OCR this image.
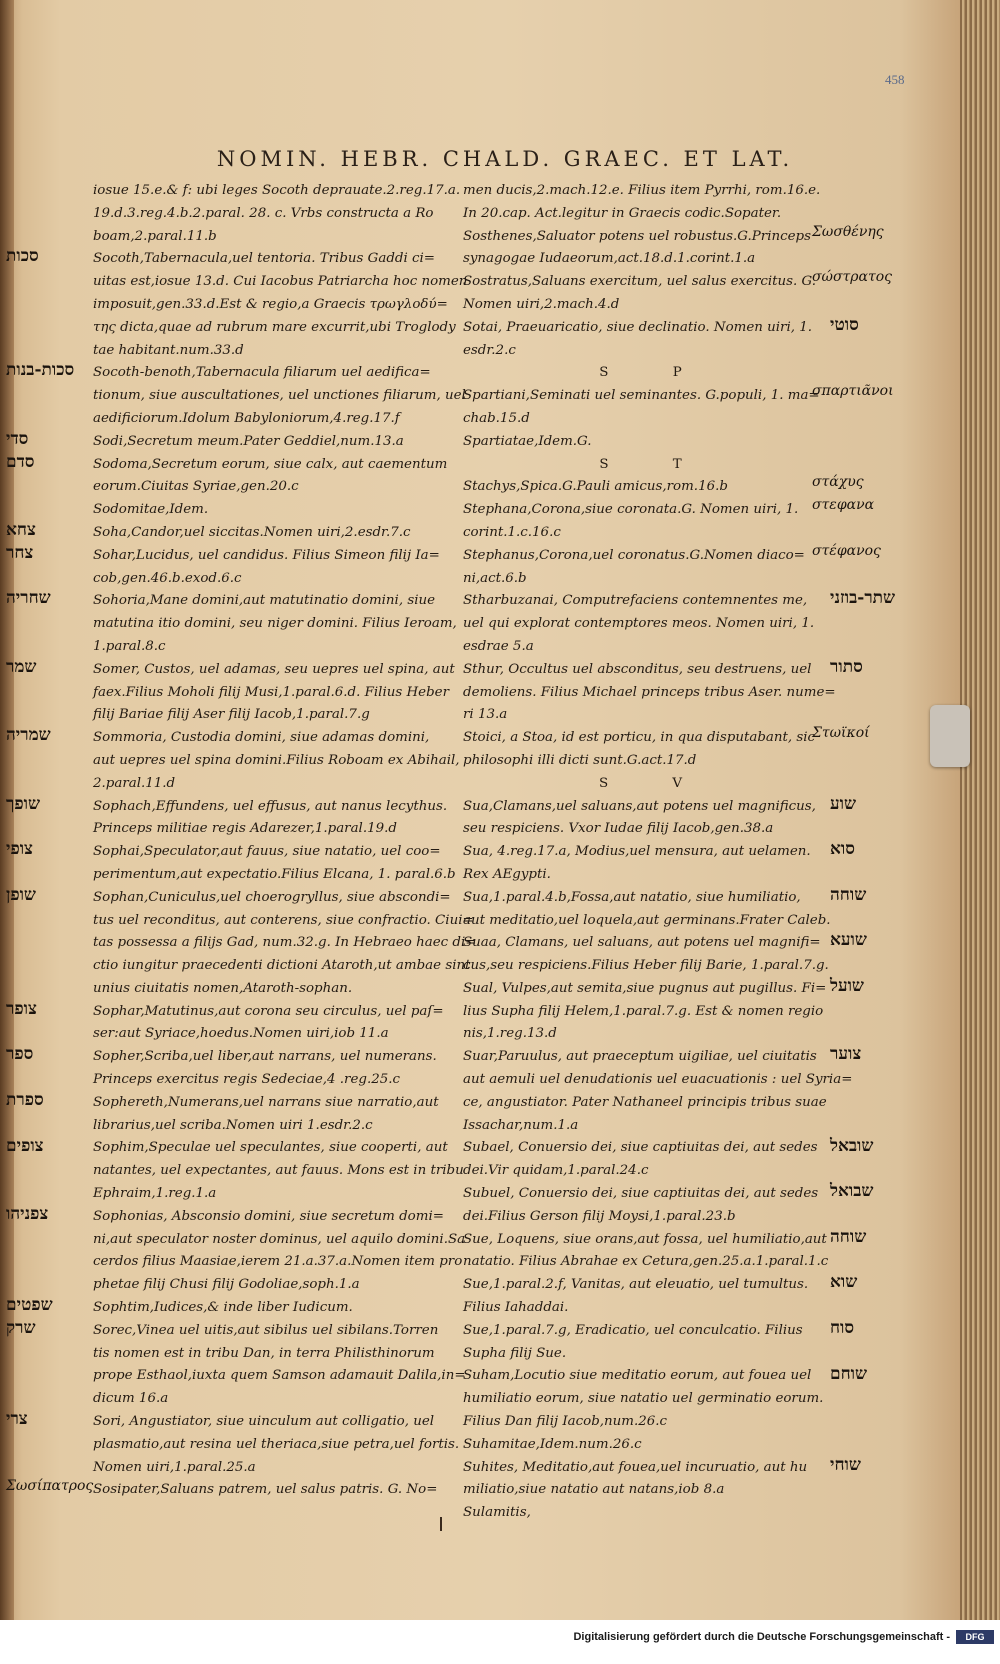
458
NOMIN. HEBR. CHALD. GRAEC. ET LAT.

iosue 15.e.& f: ubi leges Socoth deprauate.2.reg.17.a.

19.d.3.reg.4.b.2.paral. 28. c. Vrbs constructa a Ro

boam,2.paral.11.b

Socoth,Tabernacula,uel tentoria. Tribus Gaddi ci=

uitas est,iosue 13.d. Cui Iacobus Patriarcha hoc nomen

imposuit,gen.33.d.Est & regio,a Graecis τρωγλοδύ=

της dicta,quae ad rubrum mare excurrit,ubi Troglody

tae habitant.num.33.d

Socoth-benoth,Tabernacula filiarum uel aedifica=

tionum, siue auscultationes, uel unctiones filiarum, uel

aedificiorum.Idolum Babyloniorum,4.reg.17.f

Sodi,Secretum meum.Pater Geddiel,num.13.a

Sodoma,Secretum eorum, siue calx, aut caementum

eorum.Ciuitas Syriae,gen.20.c

Sodomitae,Idem.

Soha,Candor,uel siccitas.Nomen uiri,2.esdr.7.c

Sohar,Lucidus, uel candidus. Filius Simeon filij Ia=

cob,gen.46.b.exod.6.c

Sohoria,Mane domini,aut matutinatio domini, siue

matutina itio domini, seu niger domini. Filius Ieroam,

1.paral.8.c

Somer, Custos, uel adamas, seu uepres uel spina, aut

faex.Filius Moholi filij Musi,1.paral.6.d. Filius Heber

filij Bariae filij Aser filij Iacob,1.paral.7.g

Sommoria, Custodia domini, siue adamas domini,

aut uepres uel spina domini.Filius Roboam ex Abihail,

2.paral.11.d

Sophach,Effundens, uel effusus, aut nanus lecythus.

Princeps militiae regis Adarezer,1.paral.19.d

Sophai,Speculator,aut fauus, siue natatio, uel coo=

perimentum,aut expectatio.Filius Elcana, 1. paral.6.b

Sophan,Cuniculus,uel choerogryllus, siue abscondi=

tus uel reconditus, aut conterens, siue confractio. Ciui=

tas possessa a filijs Gad, num.32.g. In Hebraeo haec di=

ctio iungitur praecedenti dictioni Ataroth,ut ambae sint

unius ciuitatis nomen,Ataroth-sophan.

Sophar,Matutinus,aut corona seu circulus, uel paſ=

ser:aut Syriace,hoedus.Nomen uiri,iob 11.a

Sopher,Scriba,uel liber,aut narrans, uel numerans.

Princeps exercitus regis Sedeciae,4 .reg.25.c

Sophereth,Numerans,uel narrans siue narratio,aut

librarius,uel scriba.Nomen uiri 1.esdr.2.c

Sophim,Speculae uel speculantes, siue cooperti, aut

natantes, uel expectantes, aut fauus. Mons est in tribu

Ephraim,1.reg.1.a

Sophonias, Absconsio domini, siue secretum domi=

ni,aut speculator noster dominus, uel aquilo domini.Sa

cerdos filius Maasiae,ierem 21.a.37.a.Nomen item pro

phetae filij Chusi filij Godoliae,soph.1.a

Sophtim,Iudices,& inde liber Iudicum.

Sorec,Vinea uel uitis,aut sibilus uel sibilans.Torren

tis nomen est in tribu Dan, in terra Philisthinorum

prope Esthaol,iuxta quem Samson adamauit Dalila,in=

dicum 16.a

Sori, Angustiator, siue uinculum aut colligatio, uel

plasmatio,aut resina uel theriaca,siue petra,uel fortis.

Nomen uiri,1.paral.25.a

Sosipater,Saluans patrem, uel salus patris. G. No=

men ducis,2.mach.12.e. Filius item Pyrrhi, rom.16.e.

In 20.cap. Act.legitur in Graecis codic.Sopater.

Sosthenes,Saluator potens uel robustus.G.Princeps

synagogae Iudaeorum,act.18.d.1.corint.1.a

Sostratus,Saluans exercitum, uel salus exercitus. G.

Nomen uiri,2.mach.4.d

Sotai, Praeuaricatio, siue declinatio. Nomen uiri, 1.

esdr.2.c

S P

Spartiani,Seminati uel seminantes. G.populi, 1. ma=

chab.15.d

Spartiatae,Idem.G.

S T

Stachys,Spica.G.Pauli amicus,rom.16.b

Stephana,Corona,siue coronata.G. Nomen uiri, 1.

corint.1.c.16.c

Stephanus,Corona,uel coronatus.G.Nomen diaco=

ni,act.6.b

Stharbuzanai, Computrefaciens contemnentes me,

uel qui explorat contemptores meos. Nomen uiri, 1.

esdrae 5.a

Sthur, Occultus uel absconditus, seu destruens, uel

demoliens. Filius Michael princeps tribus Aser. nume=

ri 13.a

Stoici, a Stoa, id est porticu, in qua disputabant, sic

philosophi illi dicti sunt.G.act.17.d

S V

Sua,Clamans,uel saluans,aut potens uel magnificus,

seu respiciens. Vxor Iudae filij Iacob,gen.38.a

Sua, 4.reg.17.a, Modius,uel mensura, aut uelamen.

Rex AEgypti.

Sua,1.paral.4.b,Fossa,aut natatio, siue humiliatio,

aut meditatio,uel loquela,aut germinans.Frater Caleb.

Suaa, Clamans, uel saluans, aut potens uel magnifi=

cus,seu respiciens.Filius Heber filij Barie, 1.paral.7.g.

Sual, Vulpes,aut semita,siue pugnus aut pugillus. Fi=

lius Supha filij Helem,1.paral.7.g. Est & nomen regio

nis,1.reg.13.d

Suar,Paruulus, aut praeceptum uigiliae, uel ciuitatis

aut aemuli uel denudationis uel euacuationis : uel Syria=

ce, angustiator. Pater Nathaneel principis tribus suae

Issachar,num.1.a

Subael, Conuersio dei, siue captiuitas dei, aut sedes

dei.Vir quidam,1.paral.24.c

Subuel, Conuersio dei, siue captiuitas dei, aut sedes

dei.Filius Gerson filij Moysi,1.paral.23.b

Sue, Loquens, siue orans,aut fossa, uel humiliatio,aut

natatio. Filius Abrahae ex Cetura,gen.25.a.1.paral.1.c

Sue,1.paral.2.f, Vanitas, aut eleuatio, uel tumultus.

Filius Iahaddai.

Sue,1.paral.7.g, Eradicatio, uel conculcatio. Filius

Supha filij Sue.

Suham,Locutio siue meditatio eorum, aut fouea uel

humiliatio eorum, siue natatio uel germinatio eorum.

Filius Dan filij Iacob,num.26.c

Suhamitae,Idem.num.26.c

Suhites, Meditatio,aut fouea,uel incuruatio, aut hu

miliatio,siue natatio aut natans,iob 8.a

Sulamitis,

סכות
סכות-בנות
סדי
סדם
צחא
צחר
שחריה
שמר
שמריה
שופך
צופי
שופן
צופר
ספר
ספרת
צופים
צפניהו
שפטים
שרק
צרי
Σωσίπατρος
Σωσθένης
σώστρατος
סוטי
σπαρτιᾶνοι
στάχυς
στεφανα
στέφανος
שתר-בוזני
סתור
Στωϊκοί
שוע
סוא
שוחה
שועא
שועל
צוער
שובאל
שבואל
שוחה
שוא
סוח
שוחם
שוחי
Digitalisierung gefördert durch die Deutsche Forschungsgemeinschaft -	DFG
